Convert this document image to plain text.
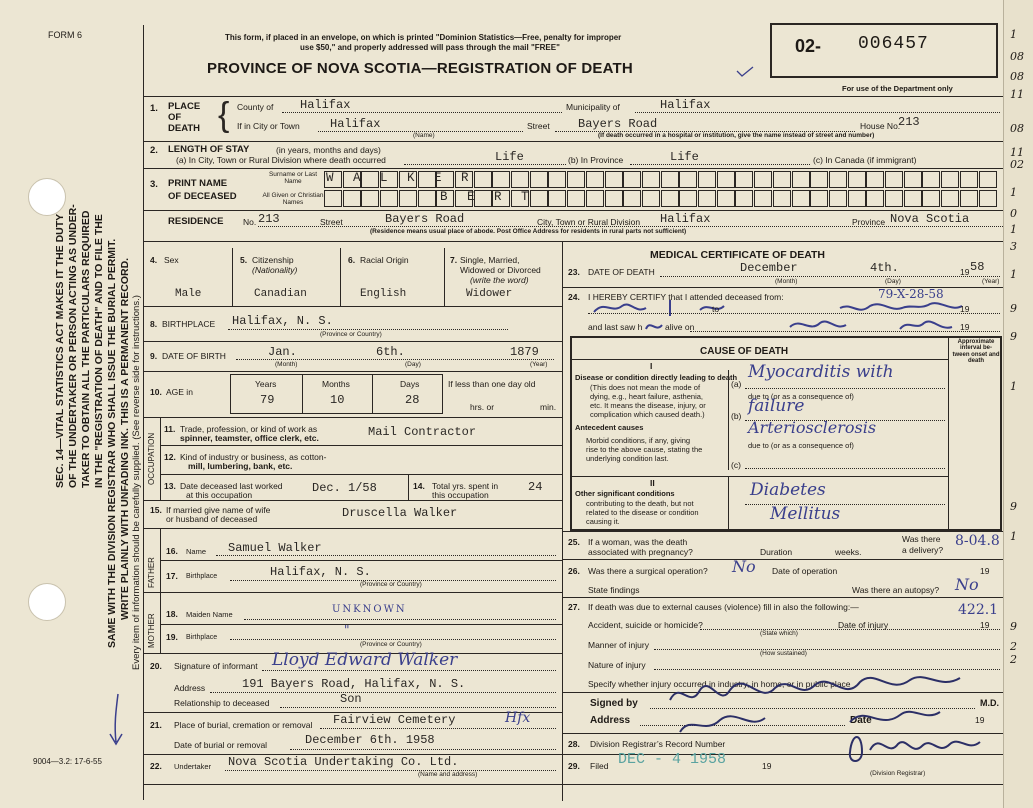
1
08
08
11
08
11
02
1
0
1
3
1
9
9
1
9
1
9
2
2
SEC. 14—VITAL STATISTICS ACT MAKES IT THE DUTY OF THE UNDERTAKER OR PERSON ACTING AS UNDER- TAKER TO OBTAIN ALL THE PARTICULARS REQUIRED IN THE "REGISTRATION OF DEATH" AND TO FILE THE SAME WITH THE DIVISION REGISTRAR WHO SHALL ISSUE THE BURIAL PERMIT. WRITE PLAINLY WITH UNFADING INK. THIS IS A PERMANENT RECORD. Every item of information should be carefully supplied. (See reverse side for instructions.)
FORM 6
9004—3.2: 17-6-55
This form, if placed in an envelope, on which is printed "Dominion Statistics—Free, penalty for improper
use $50," and properly addressed will pass through the mail "FREE"
PROVINCE OF NOVA SCOTIA—REGISTRATION OF DEATH
02- 006457
For use of the Department only
1. PLACE
OF
DEATH { County of Halifax	Municipality of	Halifax
If in City or Town	Halifax
(Name)
Street Bayers Road	House No.
213
(If death occurred in a hospital or institution, give the name instead of street and number)
2. LENGTH OF STAY	(in years, months and days)
(a) In City, Town or Rural Division where death occurred	Life	(b) In Province	Life	(c) In Canada (if immigrant)
3. PRINT NAME
OF DECEASED
Surname or Last Name
All Given or Christian Names
W A L K E R
B E R T
RESIDENCE No. 213	Street	Bayers Road	City, Town or Rural Division Halifax	Province Nova Scotia
(Residence means usual place of abode. Post Office Address for residents in rural parts not sufficient)
4. Sex
Male
5. Citizenship
(Nationality)
Canadian
6. Racial Origin
English
7. Single, Married,
Widowed or Divorced
(write the word)
Widower
8. BIRTHPLACE Halifax, N. S.
(Province or Country)
9. DATE OF BIRTH	Jan.	6th.	1879
(Month)	(Day)	(Year)
10. AGE in
Years	Months	Days
79	10	28
If less than one day old
hrs. or	min.
OCCUPATION
11. Trade, profession, or kind of work as
spinner, teamster, office clerk, etc.	Mail Contractor
12. Kind of industry or business, as cotton-
mill, lumbering, bank, etc.
13. Date deceased last worked
at this occupation	Dec. 1/58	14. Total yrs. spent in
this occupation
24
15. If married give name of wife
or husband of deceased	Druscella Walker
FATHER
MOTHER
16. Name Samuel Walker
17. Birthplace	Halifax, N. S.
(Province or Country)
18. Maiden Name	UNKNOWN
19. Birthplace
"
(Province or Country)
20. Signature of informant Lloyd Edward Walker
Address	191 Bayers Road, Halifax, N. S.
Relationship to deceased	Son
21. Place of burial, cremation or removal Fairview Cemetery	Hfx
Date of burial or removal	December 6th. 1958
22. Undertaker Nova Scotia Undertaking Co. Ltd.
(Name and address)
MEDICAL CERTIFICATE OF DEATH
23. DATE OF DEATH	December	4th.	19 58
(Month)	(Day)	(Year)
24. I HEREBY CERTIFY that I attended deceased from:	79-X-28-58
to	19
and last saw h	alive on	19
CAUSE OF DEATH
Approximate interval be- tween onset and death
I
Disease or condition directly leading to death
(This does not mean the mode of
dying, e.g., heart failure, asthenia,
etc. It means the disease, injury, or
complication which caused death.)
(a)
Myocarditis with
due to (or as a consequence of)
(b) failure
Antecedent causes	Arteriosclerosis
Morbid conditions, if any, giving
rise to the above cause, stating the
underlying condition last.
due to (or as a consequence of)
(c)
II
Other significant conditions
contributing to the death, but not
related to the disease or condition
causing it.
Diabetes
Mellitus
25. If a woman, was the death
associated with pregnancy?	Duration	weeks.
Was there
a delivery?
8-04.8
26. Was there a surgical operation? No Date of operation	19
State findings	Was there an autopsy? No
27. If death was due to external causes (violence) fill in also the following:—	422.1
Accident, suicide or homicide?	Date of injury	19
(State which)
Manner of injury
(How sustained)
Nature of injury
Specify whether injury occurred in industry, in home, or in public place
Signed by	M.D.
Address	Date	19
28. Division Registrar’s Record Number
29. Filed DEC - 4 1958	19
(Division Registrar)
